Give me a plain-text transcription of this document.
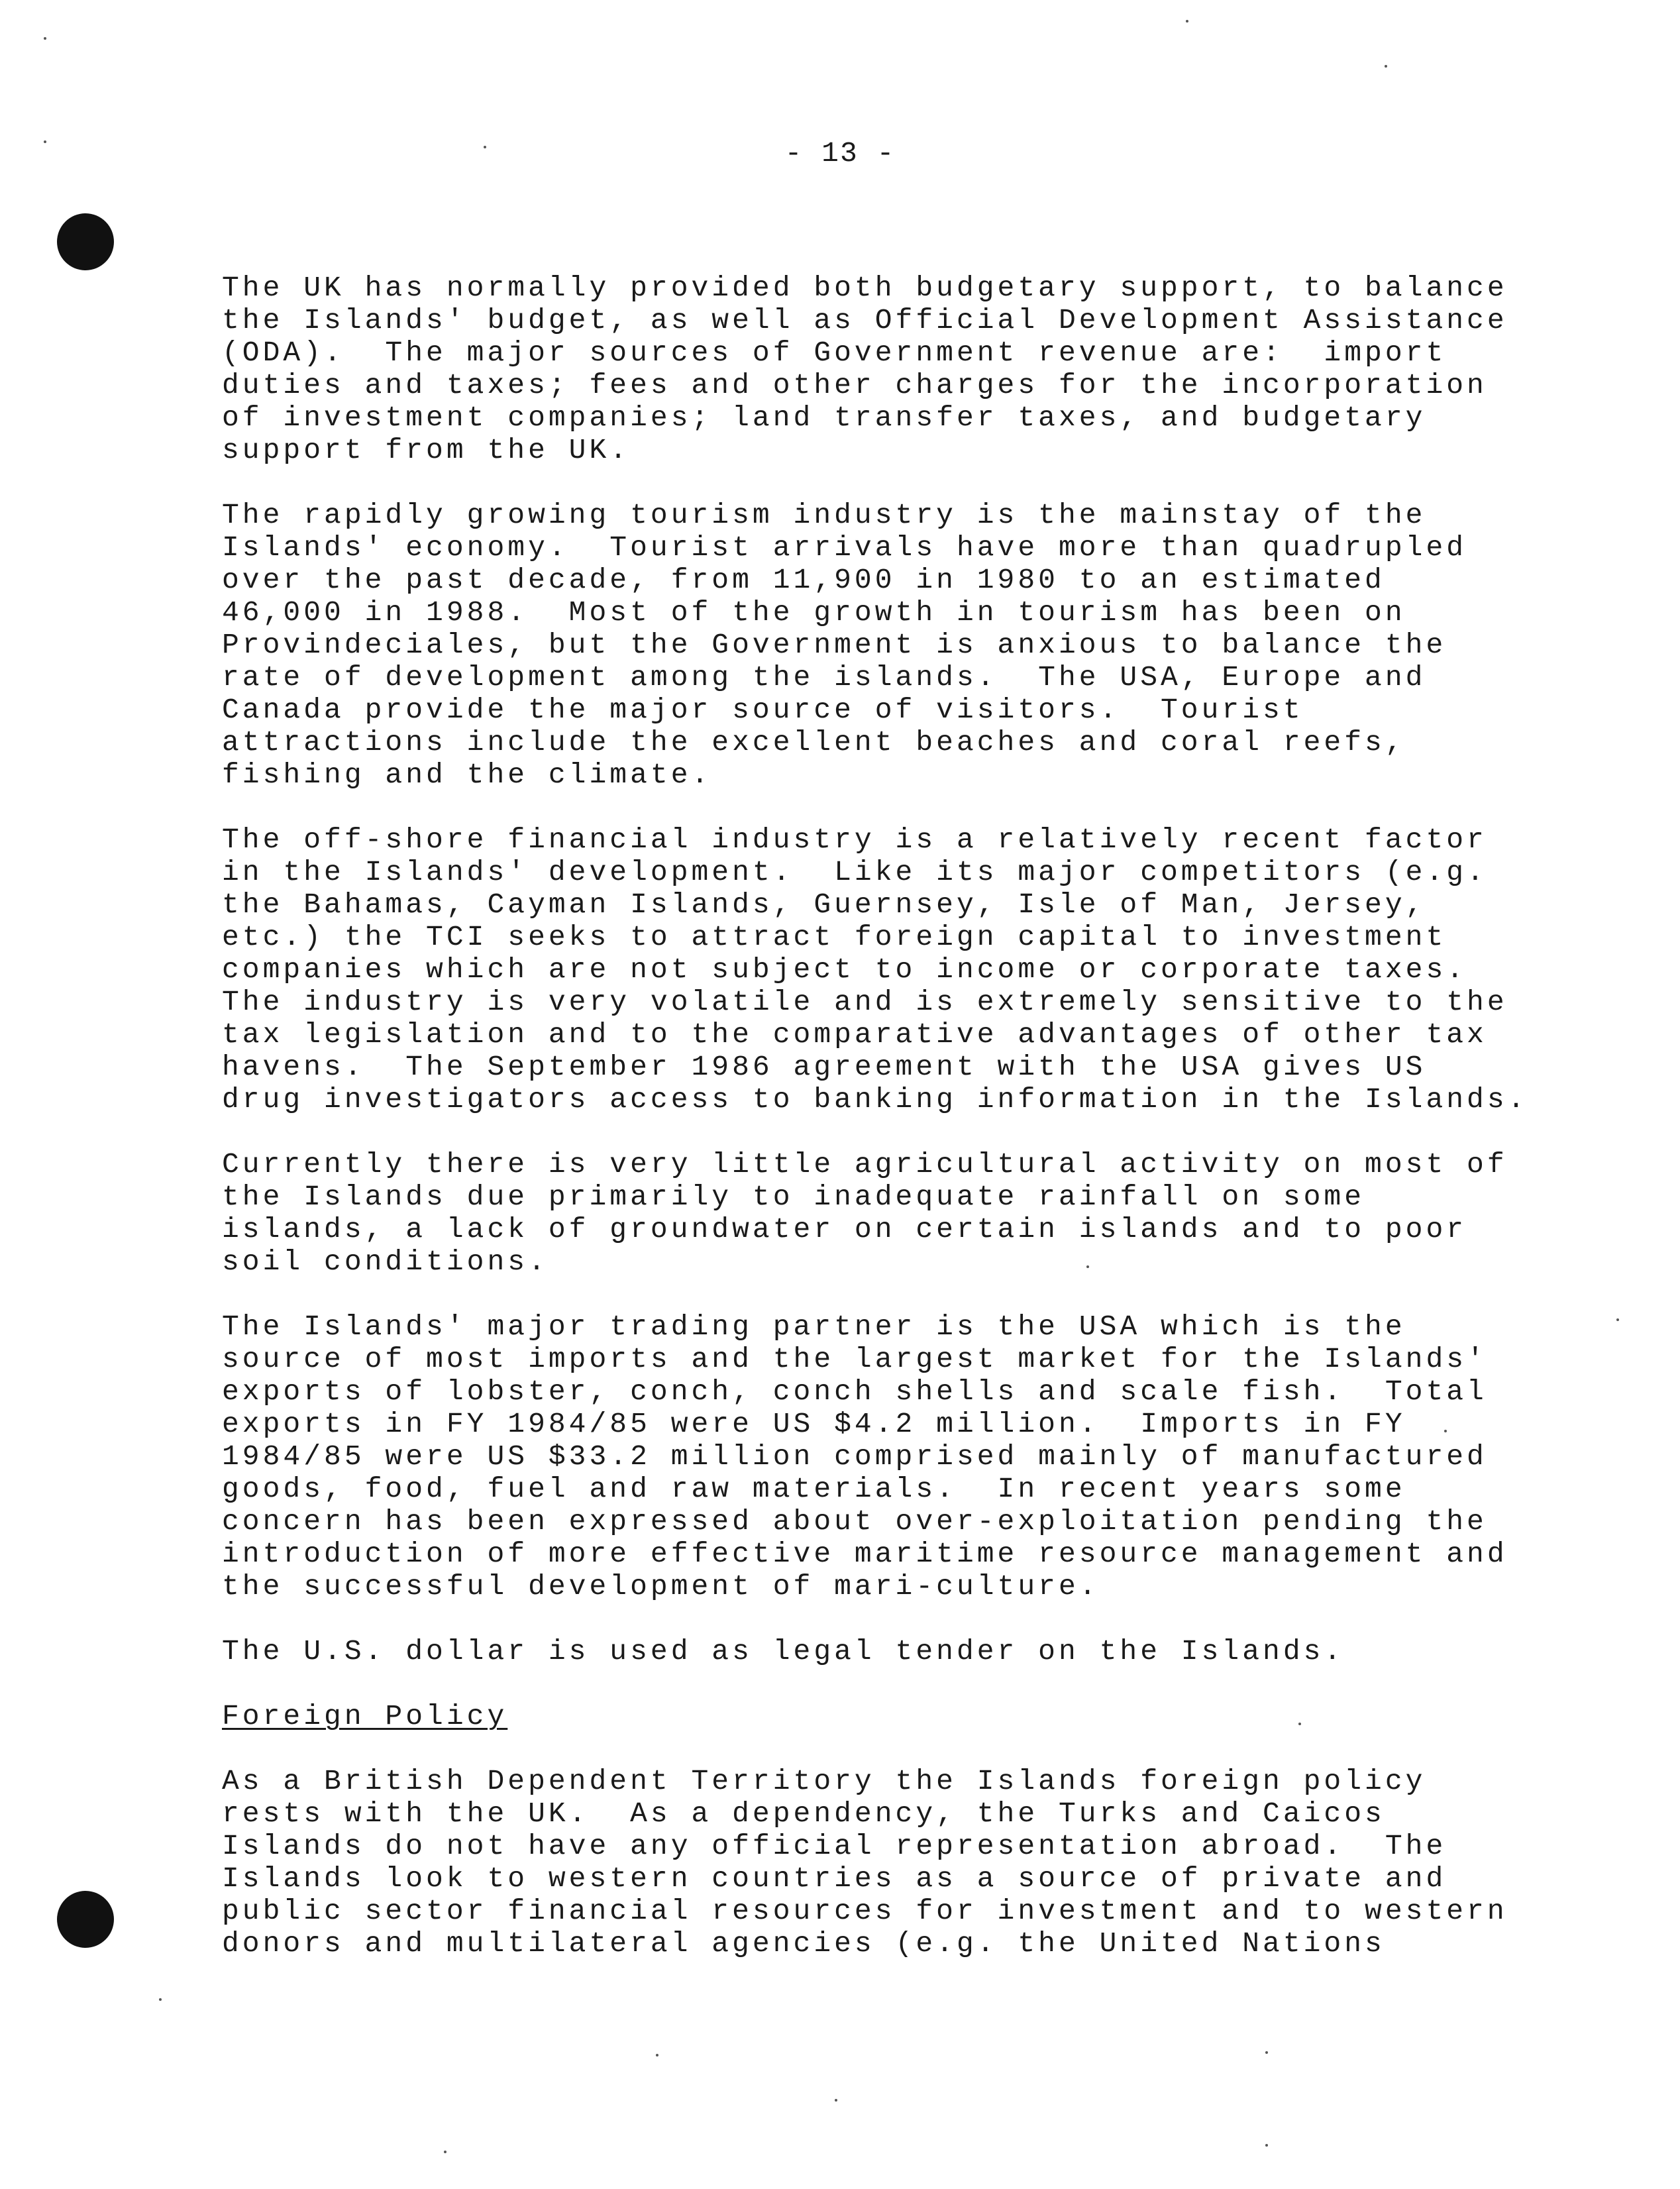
- 13 -
The UK has normally provided both budgetary support, to balance
the Islands' budget, as well as Official Development Assistance
(ODA).  The major sources of Government revenue are:  import
duties and taxes; fees and other charges for the incorporation
of investment companies; land transfer taxes, and budgetary
support from the UK.
The rapidly growing tourism industry is the mainstay of the
Islands' economy.  Tourist arrivals have more than quadrupled
over the past decade, from 11,900 in 1980 to an estimated
46,000 in 1988.  Most of the growth in tourism has been on
Provindeciales, but the Government is anxious to balance the
rate of development among the islands.  The USA, Europe and
Canada provide the major source of visitors.  Tourist
attractions include the excellent beaches and coral reefs,
fishing and the climate.
The off-shore financial industry is a relatively recent factor
in the Islands' development.  Like its major competitors (e.g.
the Bahamas, Cayman Islands, Guernsey, Isle of Man, Jersey,
etc.) the TCI seeks to attract foreign capital to investment
companies which are not subject to income or corporate taxes.
The industry is very volatile and is extremely sensitive to the
tax legislation and to the comparative advantages of other tax
havens.  The September 1986 agreement with the USA gives US
drug investigators access to banking information in the Islands.
Currently there is very little agricultural activity on most of
the Islands due primarily to inadequate rainfall on some
islands, a lack of groundwater on certain islands and to poor
soil conditions.
The Islands' major trading partner is the USA which is the
source of most imports and the largest market for the Islands'
exports of lobster, conch, conch shells and scale fish.  Total
exports in FY 1984/85 were US $4.2 million.  Imports in FY
1984/85 were US $33.2 million comprised mainly of manufactured
goods, food, fuel and raw materials.  In recent years some
concern has been expressed about over-exploitation pending the
introduction of more effective maritime resource management and
the successful development of mari-culture.
The U.S. dollar is used as legal tender on the Islands.
Foreign Policy
As a British Dependent Territory the Islands foreign policy
rests with the UK.  As a dependency, the Turks and Caicos
Islands do not have any official representation abroad.  The
Islands look to western countries as a source of private and
public sector financial resources for investment and to western
donors and multilateral agencies (e.g. the United Nations
